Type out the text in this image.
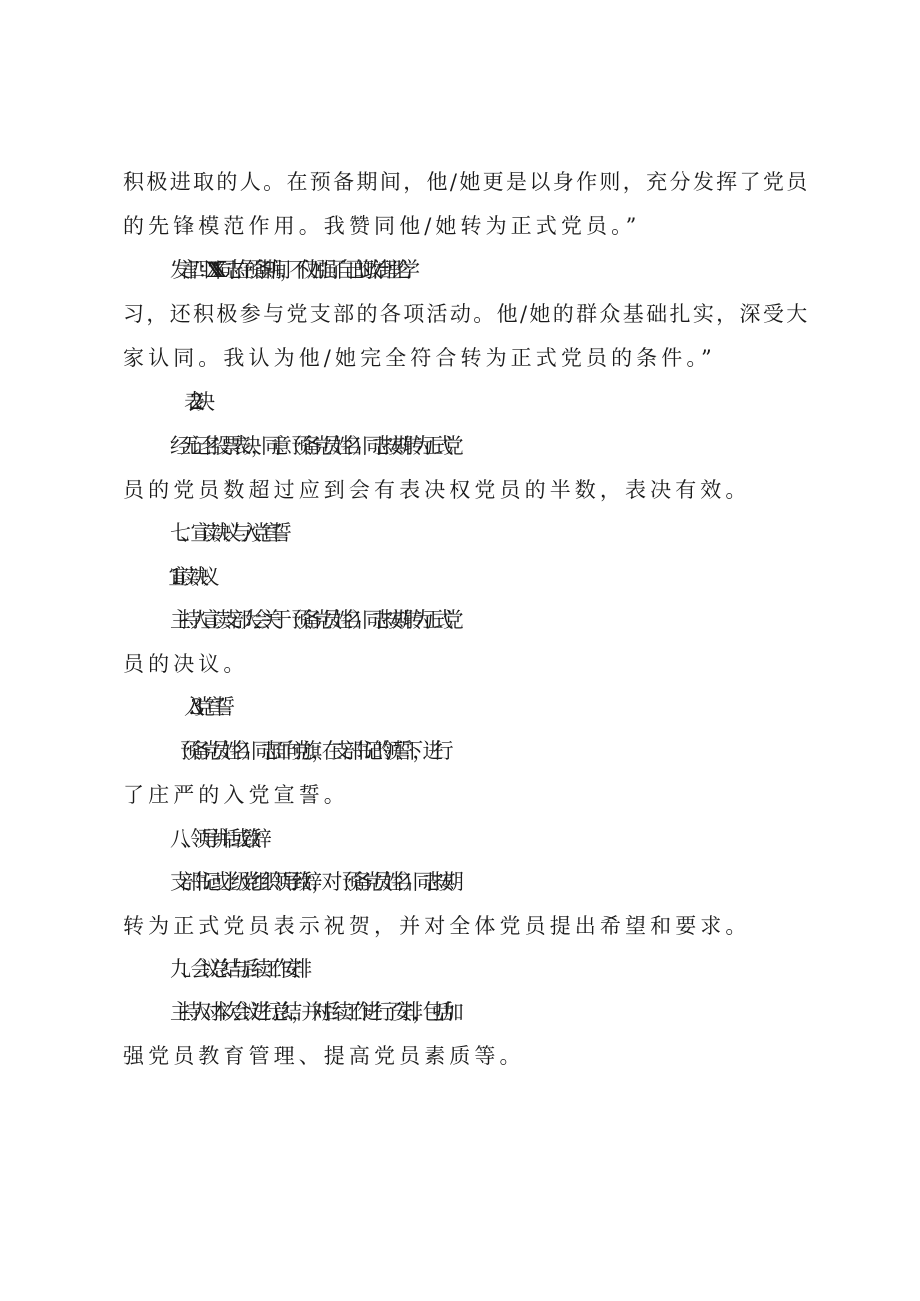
积极进取的人。在预备期间，他/她更是以身作则，充分发挥了党员
的先锋模范作用。我赞同他/她转为正式党员。”
发言四：“XXX同志在预备期间，不仅加强了自己的政治理论学
习，还积极参与党支部的各项活动。他/她的群众基础扎实，深受大
家认同。我认为他/她完全符合转为正式党员的条件。”
2 .表决
经无记名投票表决，同意（预备党员姓名）同志按期转为正式党
员的党员数超过应到会有表决权党员的半数，表决有效。
七、宣读决议与入党宣誓
1.宣读决议
主持人宣读支部大会关于（预备党员姓名）同志按期转为正式党
员的决议。
3 .入党宣誓
（预备党员姓名）同志面向党旗，在支部书记的领誓下，进行
了庄严的入党宣誓。
八、领导讲话或致辞
支部书记或上级党组织领导致辞，对（预备党员姓名）同志按期
转为正式党员表示祝贺，并对全体党员提出希望和要求。
九、会议总结与后续工作安排
主持人对本次会议进行总结，并对后续工作进行了安排，包括加
强党员教育管理、提高党员素质等。
